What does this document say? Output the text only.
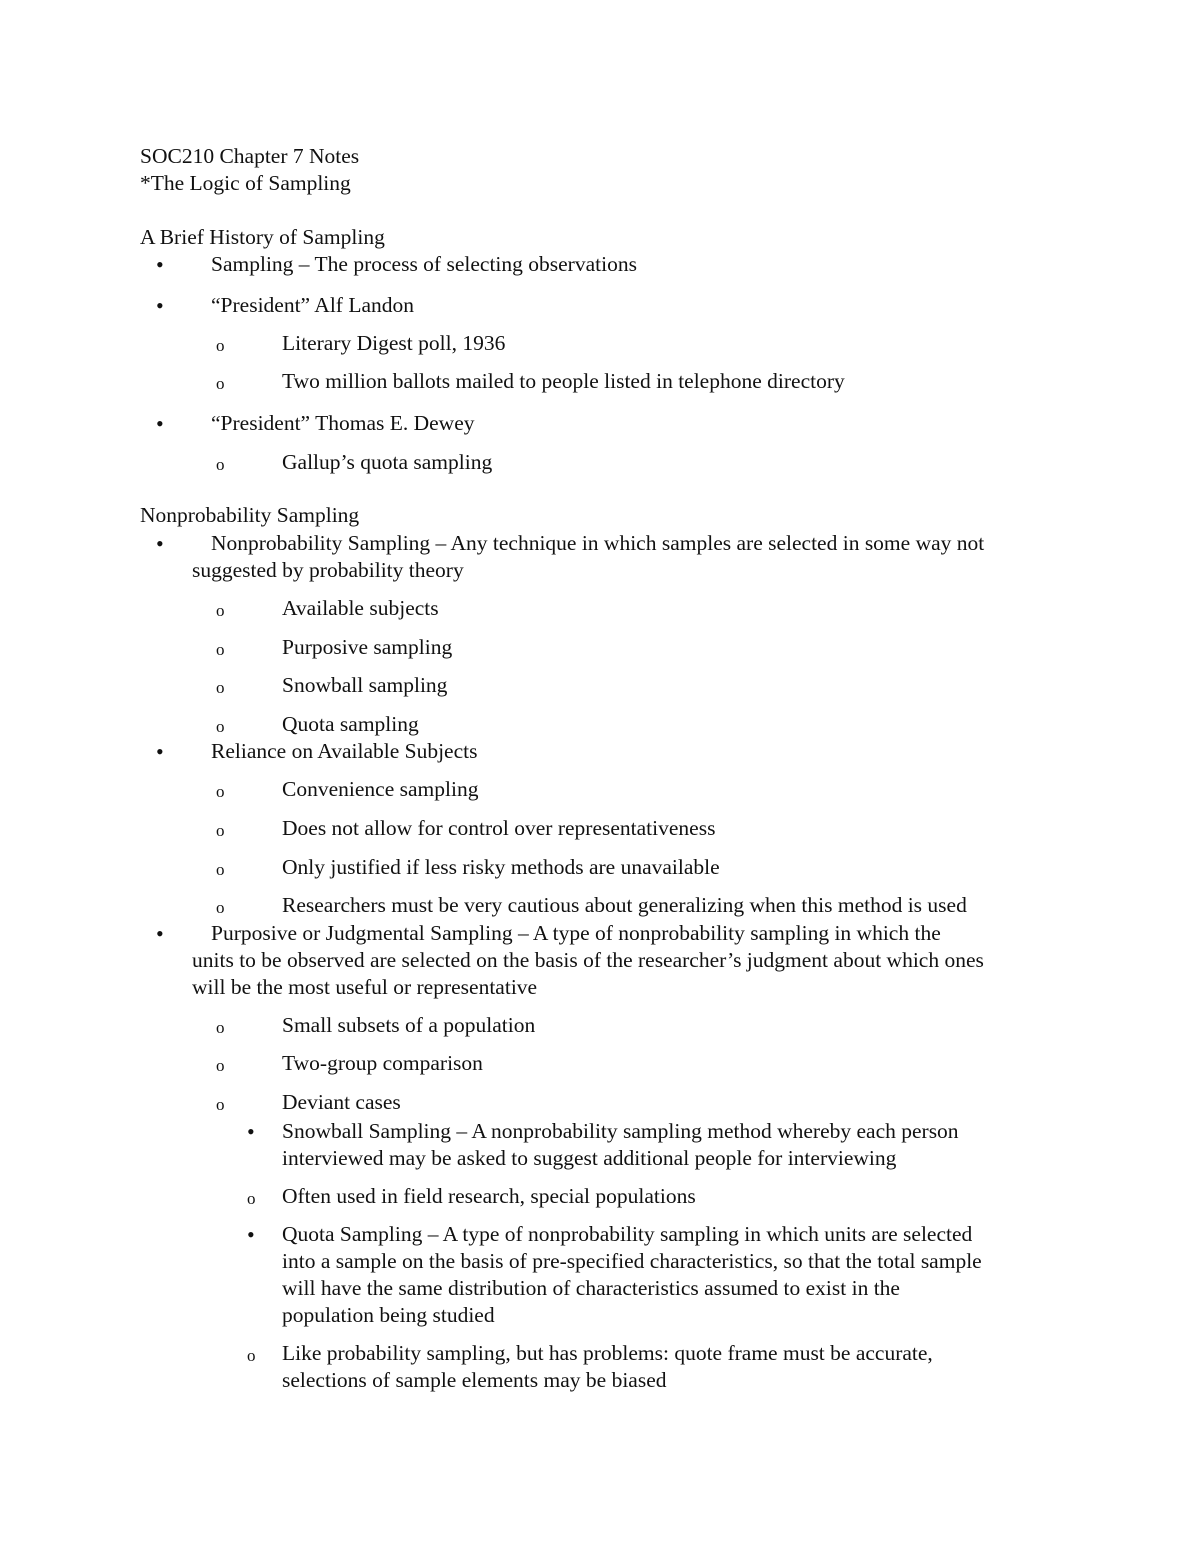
SOC210 Chapter 7 Notes
*The Logic of Sampling
A Brief History of Sampling
• Sampling – The process of selecting observations
• “President” Alf Landon
o	Literary Digest poll, 1936
o	Two million ballots mailed to people listed in telephone directory
• “President” Thomas E. Dewey
o	Gallup’s quota sampling
Nonprobability Sampling
• Nonprobability Sampling – Any technique in which samples are selected in some way not
suggested by probability theory
o	Available subjects
o	Purposive sampling
o	Snowball sampling
o	Quota sampling
• Reliance on Available Subjects
o	Convenience sampling
o	Does not allow for control over representativeness
o	Only justified if less risky methods are unavailable
o	Researchers must be very cautious about generalizing when this method is used
• Purposive or Judgmental Sampling – A type of nonprobability sampling in which the
units to be observed are selected on the basis of the researcher’s judgment about which ones
will be the most useful or representative
o	Small subsets of a population
o	Two-group comparison
o	Deviant cases
• Snowball Sampling – A nonprobability sampling method whereby each person
interviewed may be asked to suggest additional people for interviewing
o Often used in field research, special populations
• Quota Sampling – A type of nonprobability sampling in which units are selected
into a sample on the basis of pre-specified characteristics, so that the total sample
will have the same distribution of characteristics assumed to exist in the
population being studied
o Like probability sampling, but has problems: quote frame must be accurate,
selections of sample elements may be biased
